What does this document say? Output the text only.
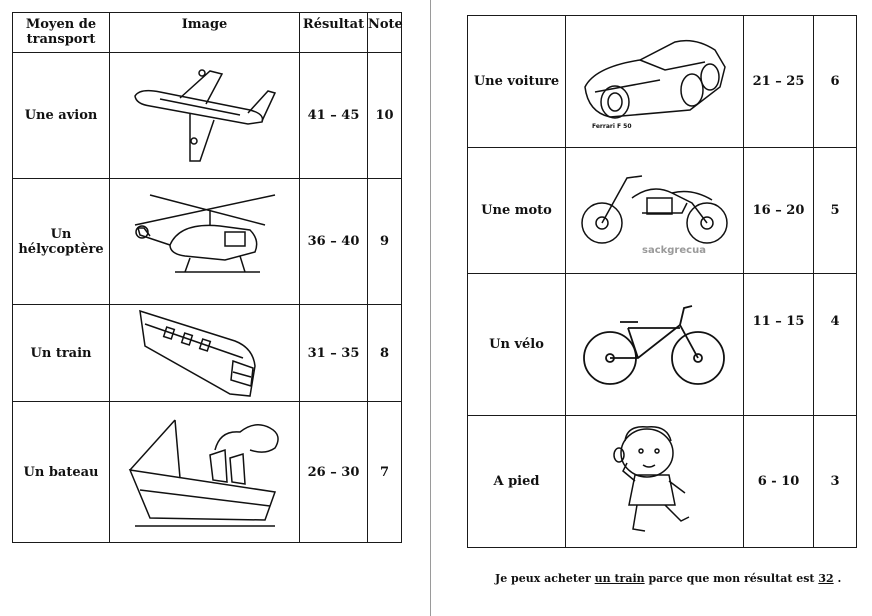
Moyen de transport	Image	Résultat	Note
Une avion		41 – 45	10
Un hélycoptère		36 – 40	9
Un train		31 – 35	8
Un bateau		26 – 30	7
Une voiture	Ferrari F 50	21 – 25	6
Une moto	sackgrecua	16 – 20	5
Un vélo		11 – 15	4
A pied		6 - 10	3
Je peux acheter un train parce que mon résultat est 32 .
